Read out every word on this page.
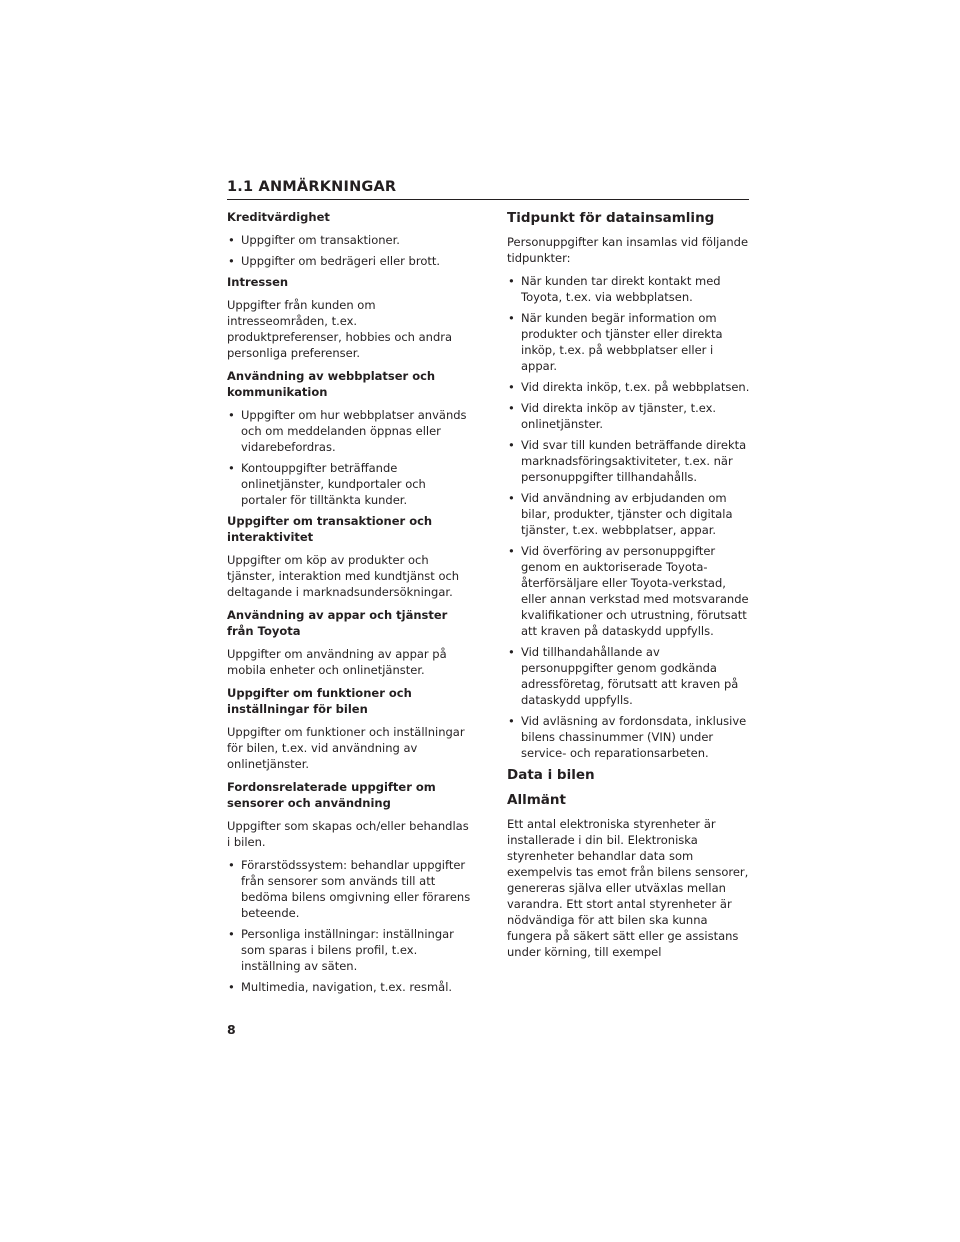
1.1 ANMÄRKNINGAR

Kreditvärdighet

• Uppgifter om transaktioner.
• Uppgifter om bedrägeri eller brott.

Intressen

Uppgifter från kunden om intresseområden, t.ex. produktpreferenser, hobbies och andra personliga preferenser.

Användning av webbplatser och kommunikation

• Uppgifter om hur webbplatser används och om meddelanden öppnas eller vidarebefordras.
• Kontouppgifter beträffande onlinetjänster, kundportaler och portaler för tilltänkta kunder.

Uppgifter om transaktioner och interaktivitet

Uppgifter om köp av produkter och tjänster, interaktion med kundtjänst och deltagande i marknadsundersökningar.

Användning av appar och tjänster från Toyota

Uppgifter om användning av appar på mobila enheter och onlinetjänster.

Uppgifter om funktioner och inställningar för bilen

Uppgifter om funktioner och inställningar för bilen, t.ex. vid användning av onlinetjänster.

Fordonsrelaterade uppgifter om sensorer och användning

Uppgifter som skapas och/eller behandlas i bilen.

• Förarstödssystem: behandlar uppgifter från sensorer som används till att bedöma bilens omgivning eller förarens beteende.
• Personliga inställningar: inställningar som sparas i bilens profil, t.ex. inställning av säten.
• Multimedia, navigation, t.ex. resmål.

Tidpunkt för datainsamling

Personuppgifter kan insamlas vid följande tidpunkter:

• När kunden tar direkt kontakt med Toyota, t.ex. via webbplatsen.
• När kunden begär information om produkter och tjänster eller direkta inköp, t.ex. på webbplatser eller i appar.
• Vid direkta inköp, t.ex. på webbplatsen.
• Vid direkta inköp av tjänster, t.ex. onlinetjänster.
• Vid svar till kunden beträffande direkta marknadsföringsaktiviteter, t.ex. när personuppgifter tillhandahålls.
• Vid användning av erbjudanden om bilar, produkter, tjänster och digitala tjänster, t.ex. webbplatser, appar.
• Vid överföring av personuppgifter genom en auktoriserade Toyota-återförsäljare eller Toyota-verkstad, eller annan verkstad med motsvarande kvalifikationer och utrustning, förutsatt att kraven på dataskydd uppfylls.
• Vid tillhandahållande av personuppgifter genom godkända adressföretag, förutsatt att kraven på dataskydd uppfylls.
• Vid avläsning av fordonsdata, inklusive bilens chassinummer (VIN) under service- och reparationsarbeten.

Data i bilen

Allmänt

Ett antal elektroniska styrenheter är installerade i din bil. Elektroniska styrenheter behandlar data som exempelvis tas emot från bilens sensorer, genereras själva eller utväxlas mellan varandra. Ett stort antal styrenheter är nödvändiga för att bilen ska kunna fungera på säkert sätt eller ge assistans under körning, till exempel

8
